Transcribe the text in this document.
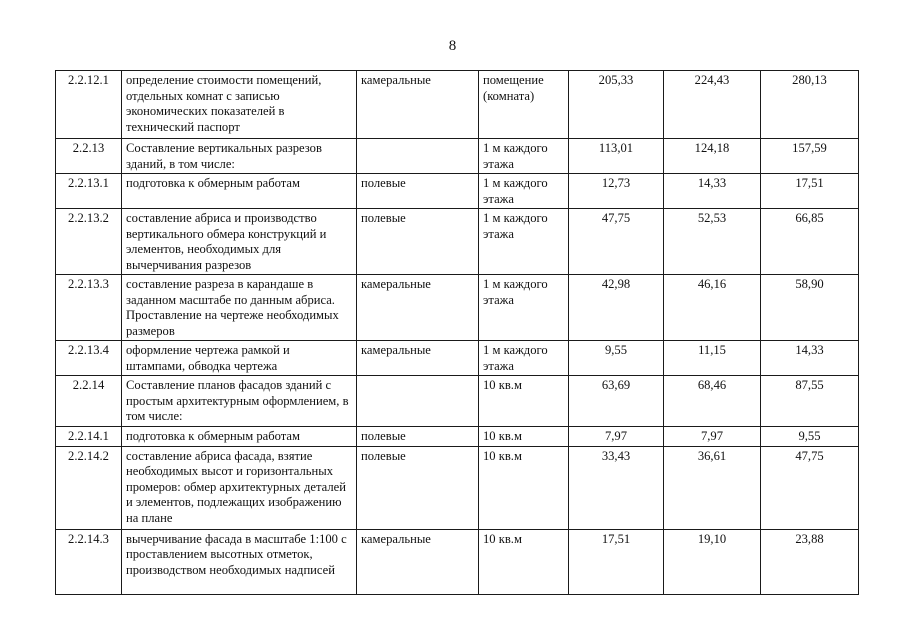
8
2.2.12.1	определение стоимости помещений, отдельных комнат с записью экономических показателей в технический паспорт	камеральные	помещение (комната)	205,33	224,43	280,13
2.2.13	Составление вертикальных разрезов зданий, в том числе:		1 м каждого этажа	113,01	124,18	157,59
2.2.13.1	подготовка к обмерным работам	полевые	1 м каждого этажа	12,73	14,33	17,51
2.2.13.2	составление абриса и производство вертикального обмера конструкций и элементов, необходимых для вычерчивания разрезов	полевые	1 м каждого этажа	47,75	52,53	66,85
2.2.13.3	составление разреза в карандаше в заданном масштабе по данным абриса. Проставление на чертеже необходимых размеров	камеральные	1 м каждого этажа	42,98	46,16	58,90
2.2.13.4	оформление чертежа рамкой и штампами, обводка чертежа	камеральные	1 м каждого этажа	9,55	11,15	14,33
2.2.14	Составление планов фасадов зданий с простым архитектурным оформлением, в том числе:		10 кв.м	63,69	68,46	87,55
2.2.14.1	подготовка к обмерным работам	полевые	10 кв.м	7,97	7,97	9,55
2.2.14.2	составление абриса фасада, взятие необходимых высот и горизонтальных промеров: обмер архитектурных деталей и элементов, подлежащих изображению на плане	полевые	10 кв.м	33,43	36,61	47,75
2.2.14.3	вычерчивание фасада в масштабе 1:100 с проставлением высотных отметок, производством необходимых надписей	камеральные	10 кв.м	17,51	19,10	23,88
